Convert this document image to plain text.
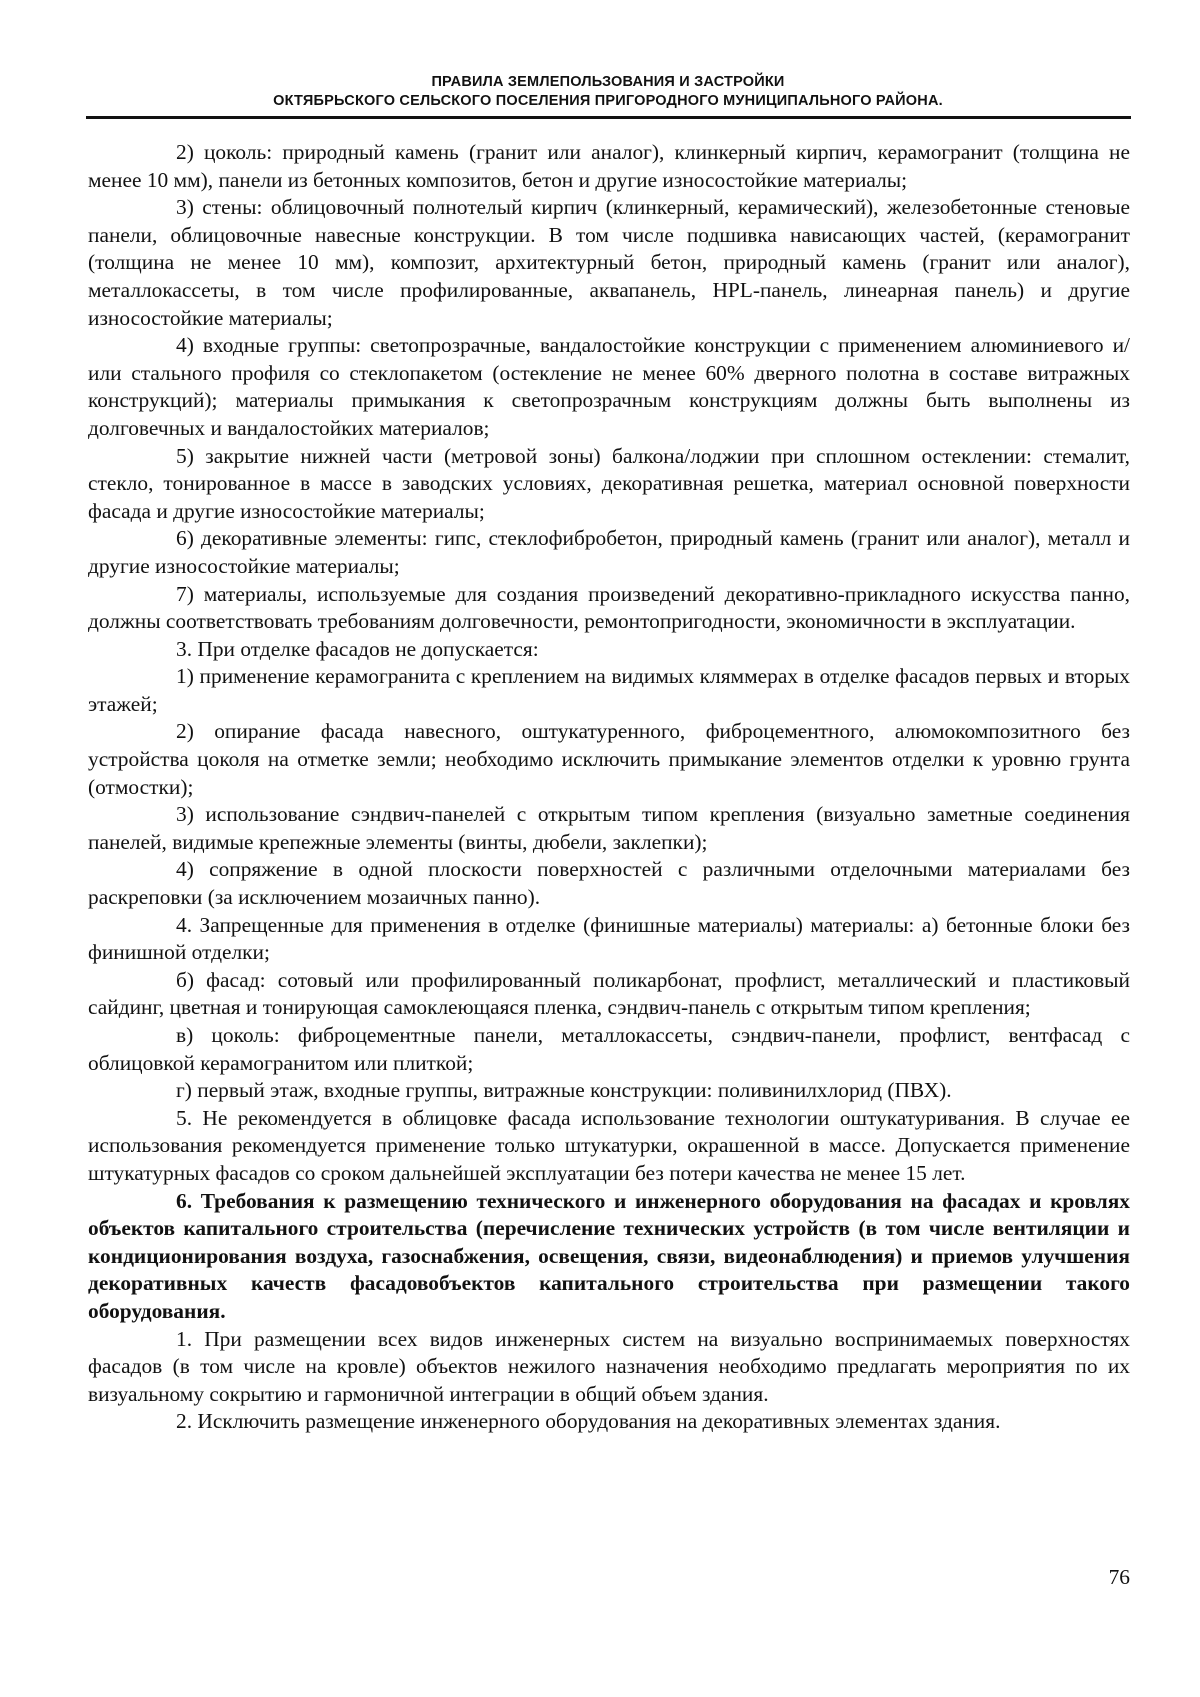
ПРАВИЛА ЗЕМЛЕПОЛЬЗОВАНИЯ И ЗАСТРОЙКИ
ОКТЯБРЬСКОГО СЕЛЬСКОГО ПОСЕЛЕНИЯ ПРИГОРОДНОГО МУНИЦИПАЛЬНОГО РАЙОНА.

2) цоколь: природный камень (гранит или аналог), клинкерный кирпич, керамогранит (толщина не менее 10 мм), панели из бетонных композитов, бетон и другие износостойкие материалы;

3) стены: облицовочный полнотелый кирпич (клинкерный, керамический), железобетонные стеновые панели, облицовочные навесные конструкции. В том числе подшивка нависающих частей, (керамогранит (толщина не менее 10 мм), композит, архитектурный бетон, природный камень (гранит или аналог), металлокассеты, в том числе профилированные, аквапанель, HPL-панель, линеарная панель) и другие износостойкие материалы;

4) входные группы: светопрозрачные, вандалостойкие конструкции с применением алюминиевого и/или стального профиля со стеклопакетом (остекление не менее 60% дверного полотна в составе витражных конструкций); материалы примыкания к светопрозрачным конструкциям должны быть выполнены из долговечных и вандалостойких материалов;

5) закрытие нижней части (метровой зоны) балкона/лоджии при сплошном остеклении: стемалит, стекло, тонированное в массе в заводских условиях, декоративная решетка, материал основной поверхности фасада и другие износостойкие материалы;

6) декоративные элементы: гипс, стеклофибробетон, природный камень (гранит или аналог), металл и другие износостойкие материалы;

7) материалы, используемые для создания произведений декоративно-прикладного искусства панно, должны соответствовать требованиям долговечности, ремонтопригодности, экономичности в эксплуатации.

3. При отделке фасадов не допускается:

1) применение керамогранита с креплением на видимых кляммерах в отделке фасадов первых и вторых этажей;

2) опирание фасада навесного, оштукатуренного, фиброцементного, алюмокомпозитного без устройства цоколя на отметке земли; необходимо исключить примыкание элементов отделки к уровню грунта (отмостки);

3) использование сэндвич-панелей с открытым типом крепления (визуально заметные соединения панелей, видимые крепежные элементы (винты, дюбели, заклепки);

4) сопряжение в одной плоскости поверхностей с различными отделочными материалами без раскреповки (за исключением мозаичных панно).

4. Запрещенные для применения в отделке (финишные материалы) материалы: а) бетонные блоки без финишной отделки;

б) фасад: сотовый или профилированный поликарбонат, профлист, металлический и пластиковый сайдинг, цветная и тонирующая самоклеющаяся пленка, сэндвич-панель с открытым типом крепления;

в) цоколь: фиброцементные панели, металлокассеты, сэндвич-панели, профлист, вентфасад с облицовкой керамогранитом или плиткой;

г) первый этаж, входные группы, витражные конструкции: поливинилхлорид (ПВХ).

5. Не рекомендуется в облицовке фасада использование технологии оштукатуривания. В случае ее использования рекомендуется применение только штукатурки, окрашенной в массе. Допускается применение штукатурных фасадов со сроком дальнейшей эксплуатации без потери качества не менее 15 лет.

6. Требования к размещению технического и инженерного оборудования на фасадах и кровлях объектов капитального строительства (перечисление технических устройств (в том числе вентиляции и кондиционирования воздуха, газоснабжения, освещения, связи, видеонаблюдения) и приемов улучшения декоративных качеств фасадовобъектов капитального строительства при размещении такого оборудования.

1. При размещении всех видов инженерных систем на визуально воспринимаемых поверхностях фасадов (в том числе на кровле) объектов нежилого назначения необходимо предлагать мероприятия по их визуальному сокрытию и гармоничной интеграции в общий объем здания.

2. Исключить размещение инженерного оборудования на декоративных элементах здания.

76
